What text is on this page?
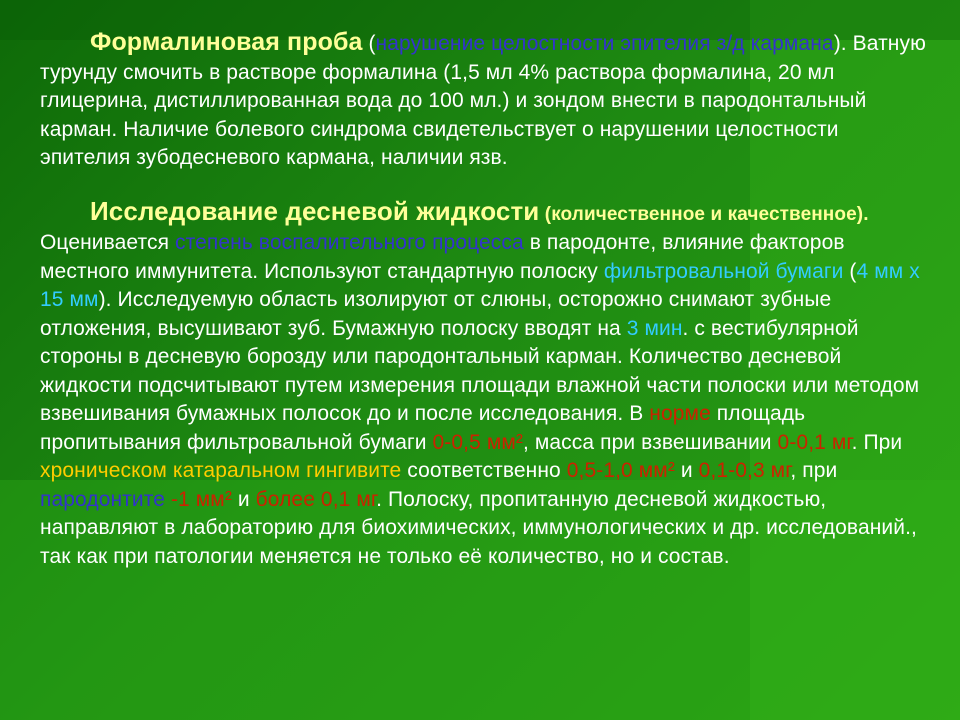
Формалиновая проба (нарушение целостности эпителия з/д кармана). Ватную турунду смочить в растворе формалина (1,5 мл 4% раствора формалина, 20 мл глицерина, дистиллированная вода до 100 мл.) и зондом внести в пародонтальный карман. Наличие болевого синдрома свидетельствует о нарушении целостности эпителия зубодесневого кармана, наличии язв.

Исследование десневой жидкости (количественное и качественное). Оценивается степень воспалительного процесса в пародонте, влияние факторов местного иммунитета. Используют стандартную полоску фильтровальной бумаги (4 мм х 15 мм). Исследуемую область изолируют от слюны, осторожно снимают зубные отложения, высушивают зуб. Бумажную полоску вводят на 3 мин. с вестибулярной стороны в десневую борозду или пародонтальный карман. Количество десневой жидкости подсчитывают путем измерения площади влажной части полоски или методом взвешивания бумажных полосок до и после исследования. В норме площадь пропитывания фильтровальной бумаги 0-0,5 мм², масса при взвешивании 0-0,1 мг. При хроническом катаральном гингивите соответственно 0,5-1,0 мм² и 0,1-0,3 мг, при пародонтите -1 мм² и более 0,1 мг. Полоску, пропитанную десневой жидкостью, направляют в лабораторию для биохимических, иммунологических и др. исследований., так как при патологии меняется не только её количество, но и состав.
